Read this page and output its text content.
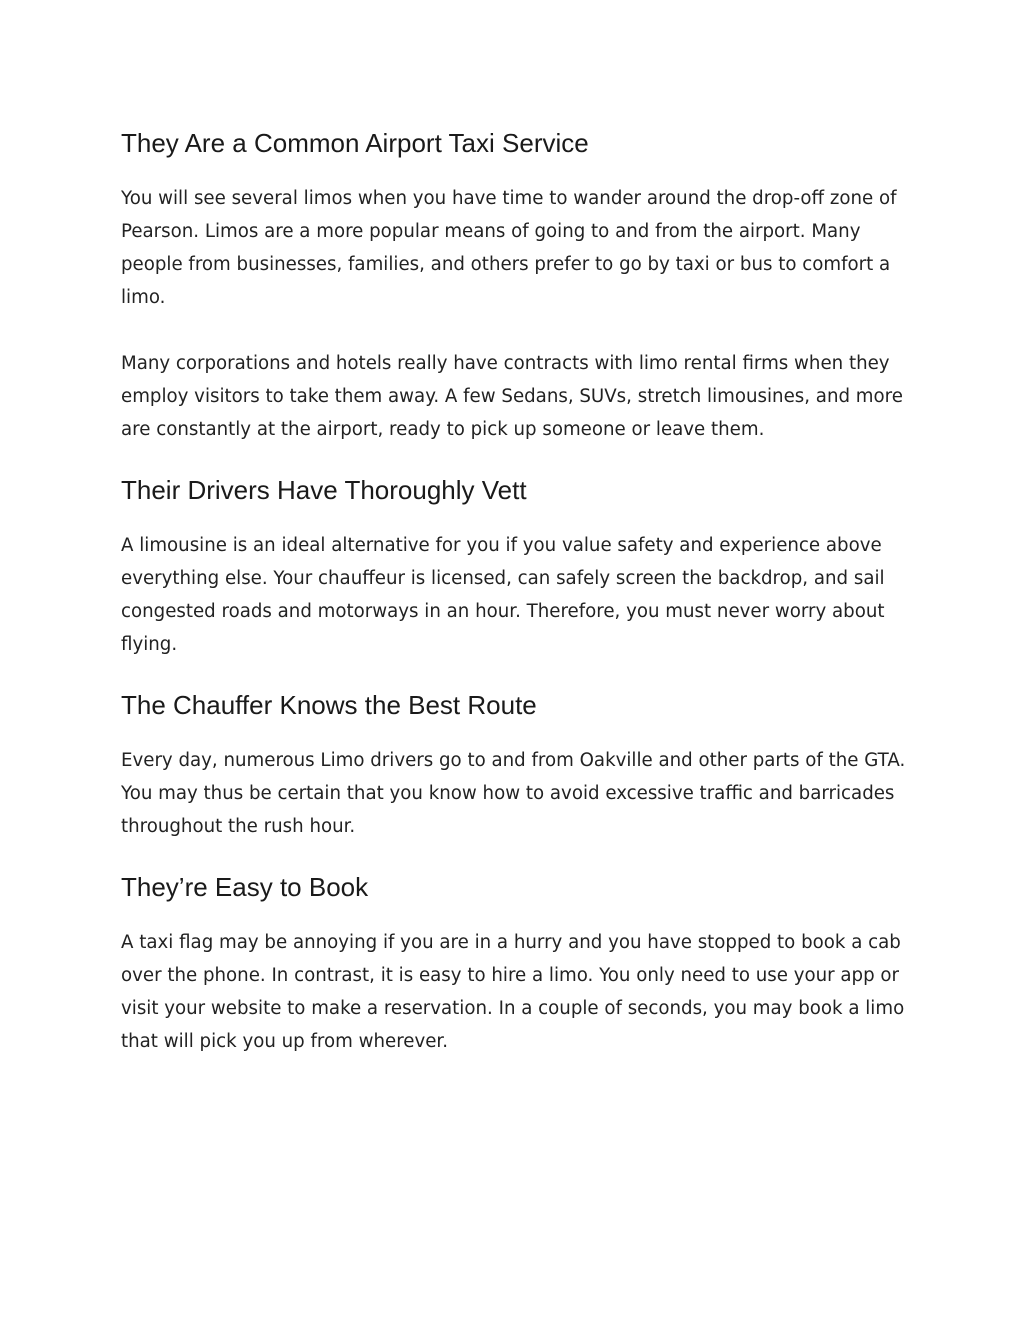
They Are a Common Airport Taxi Service

You will see several limos when you have time to wander around the drop-off zone of Pearson. Limos are a more popular means of going to and from the airport. Many people from businesses, families, and others prefer to go by taxi or bus to comfort a limo.

Many corporations and hotels really have contracts with limo rental firms when they employ visitors to take them away. A few Sedans, SUVs, stretch limousines, and more are constantly at the airport, ready to pick up someone or leave them.

Their Drivers Have Thoroughly Vett

A limousine is an ideal alternative for you if you value safety and experience above everything else. Your chauffeur is licensed, can safely screen the backdrop, and sail congested roads and motorways in an hour. Therefore, you must never worry about flying.

The Chauffer Knows the Best Route

Every day, numerous Limo drivers go to and from Oakville and other parts of the GTA. You may thus be certain that you know how to avoid excessive traffic and barricades throughout the rush hour.

They’re Easy to Book

A taxi flag may be annoying if you are in a hurry and you have stopped to book a cab over the phone. In contrast, it is easy to hire a limo. You only need to use your app or visit your website to make a reservation. In a couple of seconds, you may book a limo that will pick you up from wherever.
